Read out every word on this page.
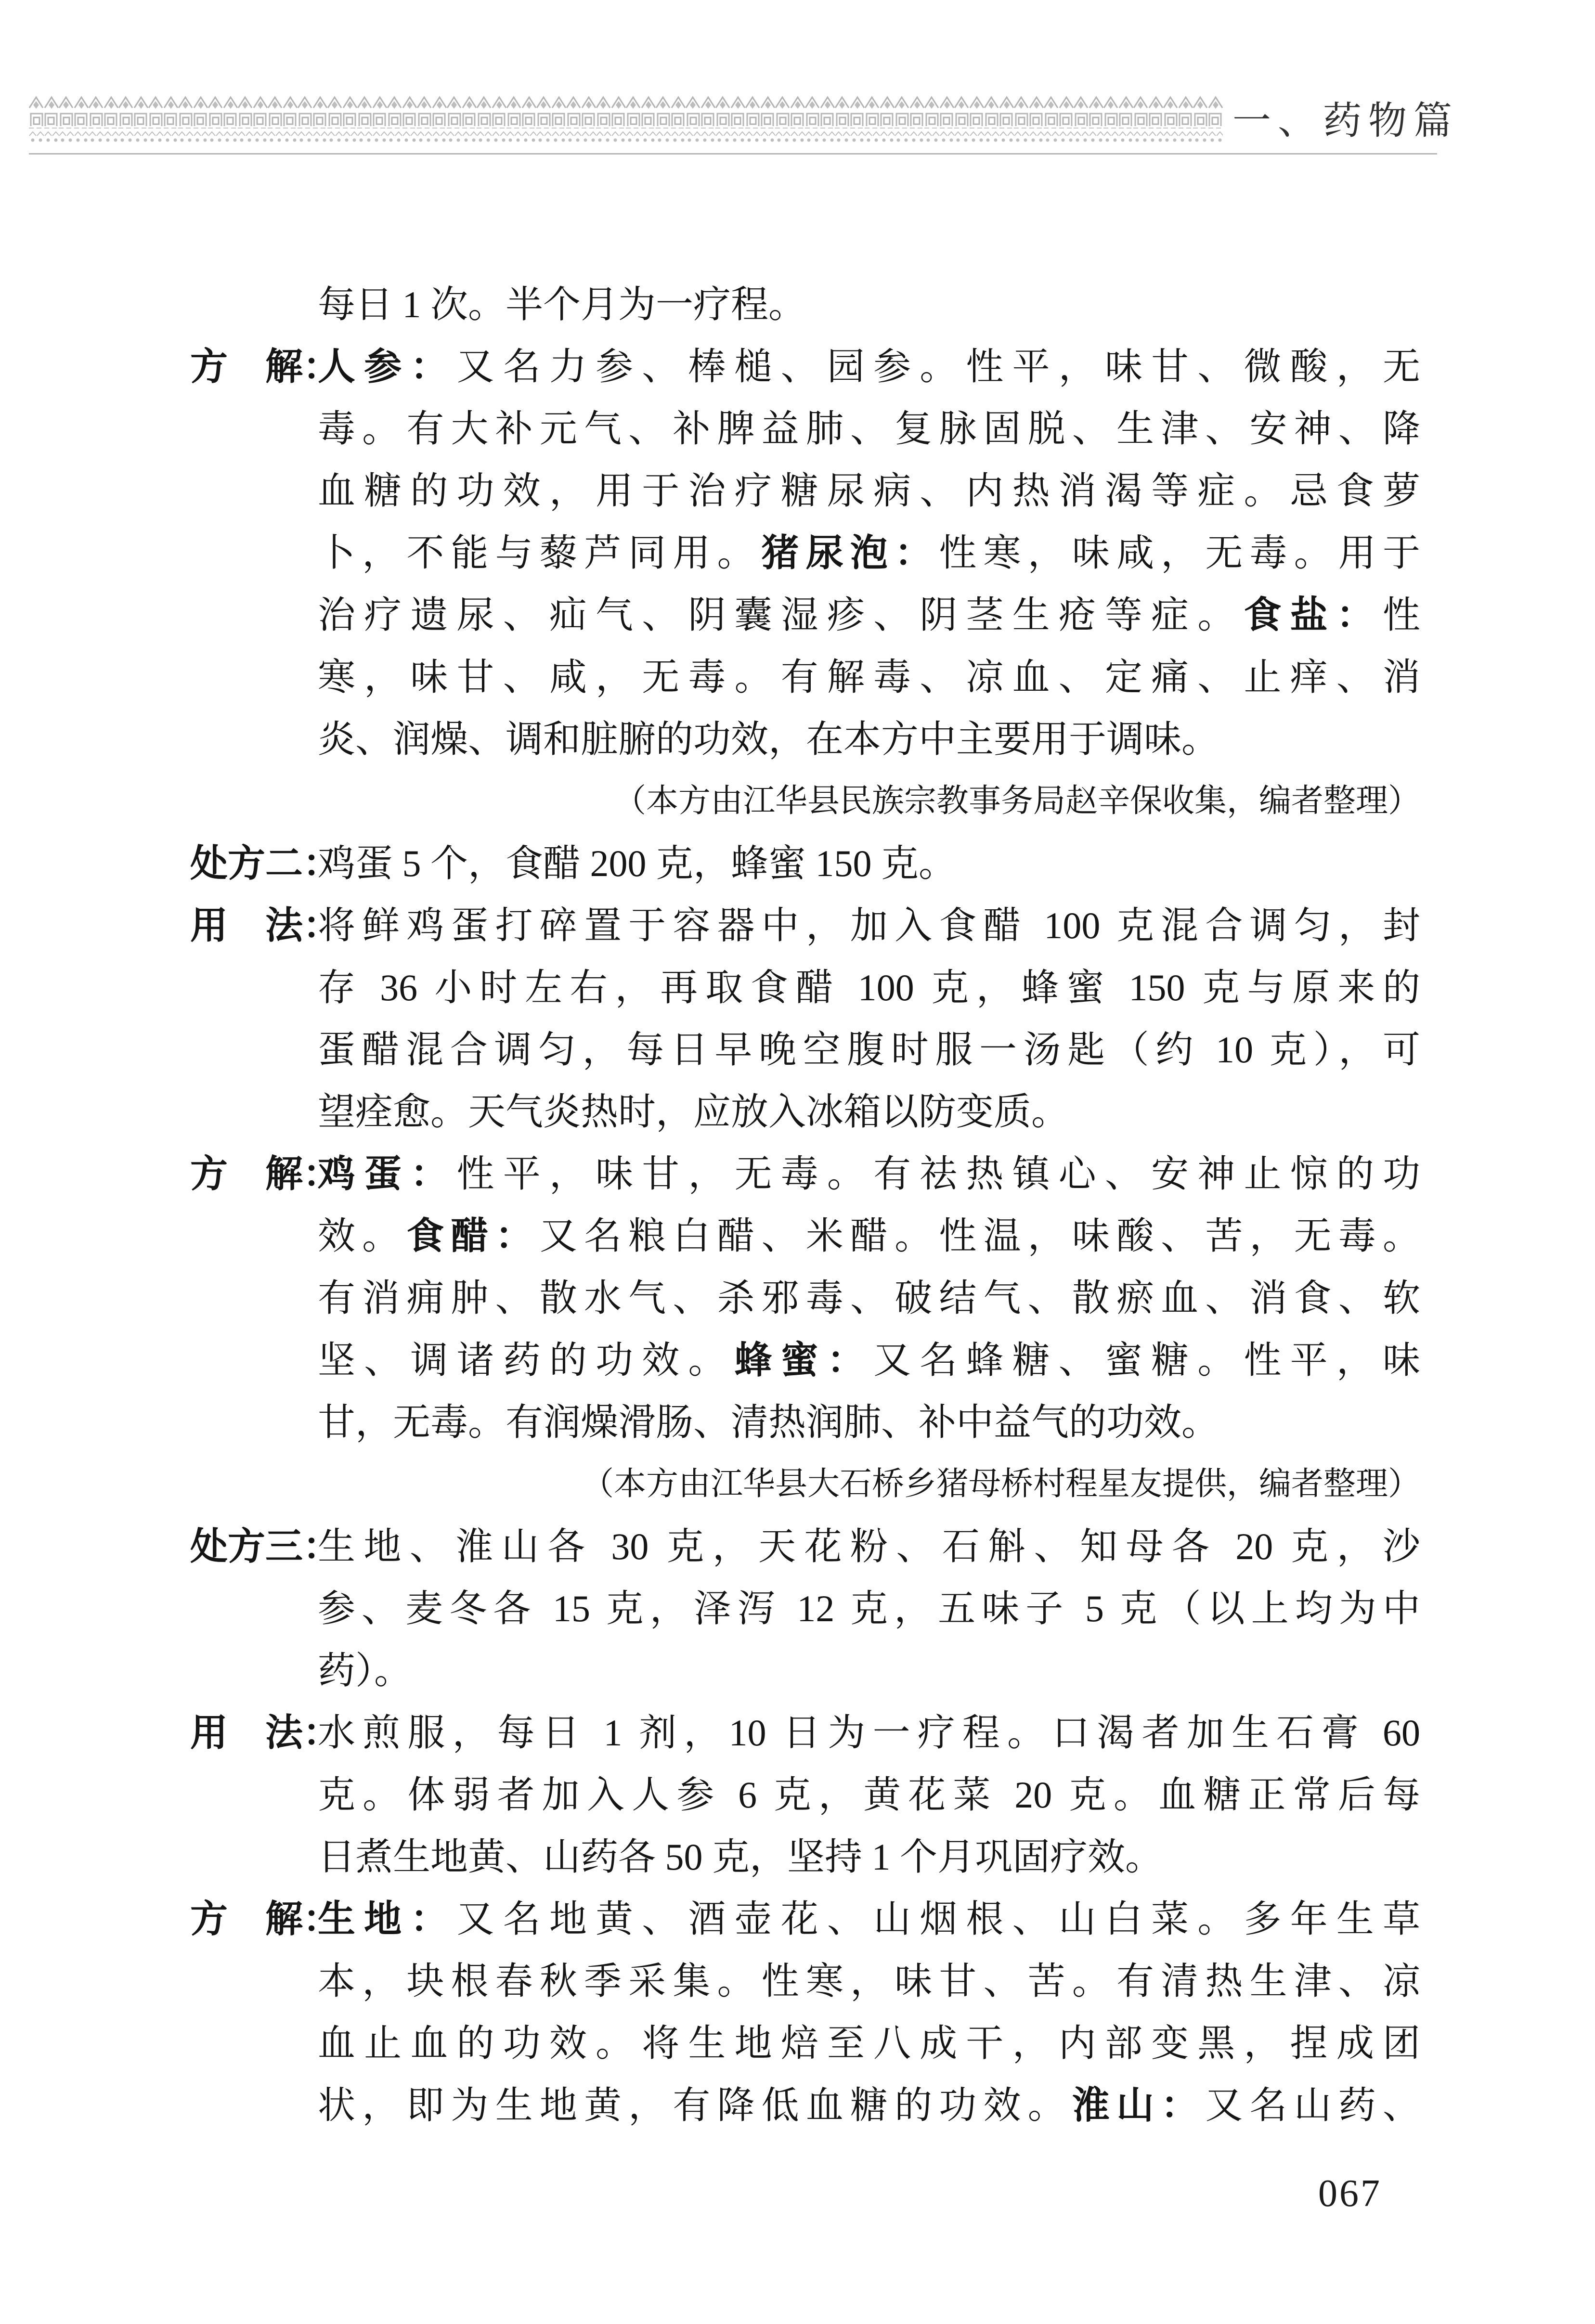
一、药物篇
每日 1 次。半个月为一疗程。
方　解：
人参：又名力参、棒槌、园参。性平，味甘、微酸，无
毒。有大补元气、补脾益肺、复脉固脱、生津、安神、降
血糖的功效，用于治疗糖尿病、内热消渴等症。忌食萝
卜，不能与藜芦同用。猪尿泡：性寒，味咸，无毒。用于
治疗遗尿、疝气、阴囊湿疹、阴茎生疮等症。食盐：性
寒，味甘、咸，无毒。有解毒、凉血、定痛、止痒、消
炎、润燥、调和脏腑的功效，在本方中主要用于调味。
（本方由江华县民族宗教事务局赵辛保收集，编者整理）
处方二：
鸡蛋 5 个，食醋 200 克，蜂蜜 150 克。
用　法：
将鲜鸡蛋打碎置于容器中，加入食醋 100 克混合调匀，封
存 36 小时左右，再取食醋 100 克，蜂蜜 150 克与原来的
蛋醋混合调匀，每日早晚空腹时服一汤匙（约 10 克），可
望痊愈。天气炎热时，应放入冰箱以防变质。
方　解：
鸡蛋：性平，味甘，无毒。有祛热镇心、安神止惊的功
效。食醋：又名粮白醋、米醋。性温，味酸、苦，无毒。
有消痈肿、散水气、杀邪毒、破结气、散瘀血、消食、软
坚、调诸药的功效。蜂蜜：又名蜂糖、蜜糖。性平，味
甘，无毒。有润燥滑肠、清热润肺、补中益气的功效。
（本方由江华县大石桥乡猪母桥村程星友提供，编者整理）
处方三：
生地、淮山各 30 克，天花粉、石斛、知母各 20 克，沙
参、麦冬各 15 克，泽泻 12 克，五味子 5 克（以上均为中
药）。
用　法：
水煎服，每日 1 剂，10 日为一疗程。口渴者加生石膏 60
克。体弱者加入人参 6 克，黄花菜 20 克。血糖正常后每
日煮生地黄、山药各 50 克，坚持 1 个月巩固疗效。
方　解：
生地：又名地黄、酒壶花、山烟根、山白菜。多年生草
本，块根春秋季采集。性寒，味甘、苦。有清热生津、凉
血止血的功效。将生地焙至八成干，内部变黑，捏成团
状，即为生地黄，有降低血糖的功效。淮山：又名山药、
067
